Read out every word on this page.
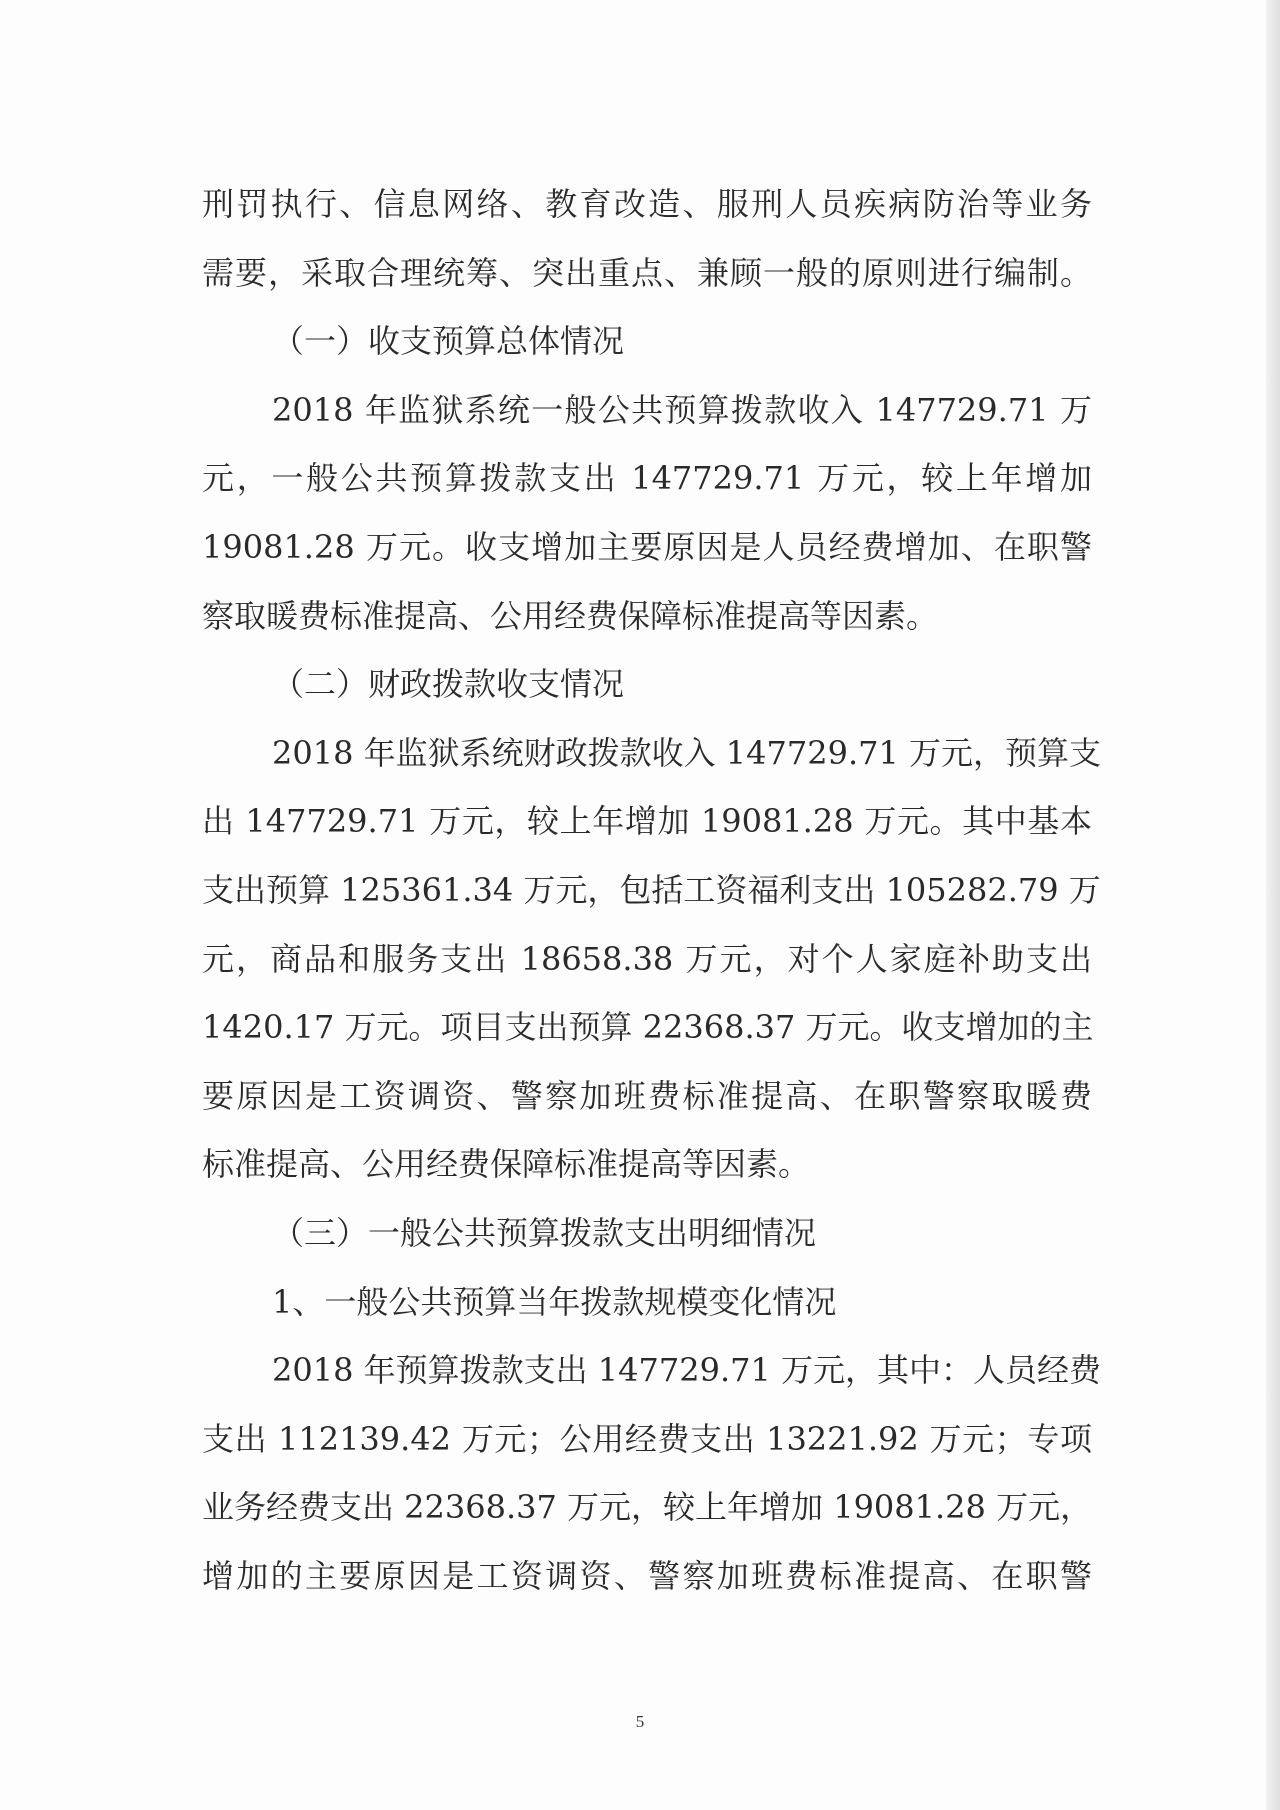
刑罚执行、信息网络、教育改造、服刑人员疾病防治等业务
需要，采取合理统筹、突出重点、兼顾一般的原则进行编制。
（一）收支预算总体情况
2018 年监狱系统一般公共预算拨款收入 147729.71 万
元，一般公共预算拨款支出 147729.71 万元，较上年增加
19081.28 万元。收支增加主要原因是人员经费增加、在职警
察取暖费标准提高、公用经费保障标准提高等因素。
（二）财政拨款收支情况
2018 年监狱系统财政拨款收入 147729.71 万元，预算支
出 147729.71 万元，较上年增加 19081.28 万元。其中基本
支出预算 125361.34 万元，包括工资福利支出 105282.79 万
元，商品和服务支出 18658.38 万元，对个人家庭补助支出
1420.17 万元。项目支出预算 22368.37 万元。收支增加的主
要原因是工资调资、警察加班费标准提高、在职警察取暖费
标准提高、公用经费保障标准提高等因素。
（三）一般公共预算拨款支出明细情况
1、一般公共预算当年拨款规模变化情况
2018 年预算拨款支出 147729.71 万元，其中：人员经费
支出 112139.42 万元；公用经费支出 13221.92 万元；专项
业务经费支出 22368.37 万元，较上年增加 19081.28 万元，
增加的主要原因是工资调资、警察加班费标准提高、在职警
5
